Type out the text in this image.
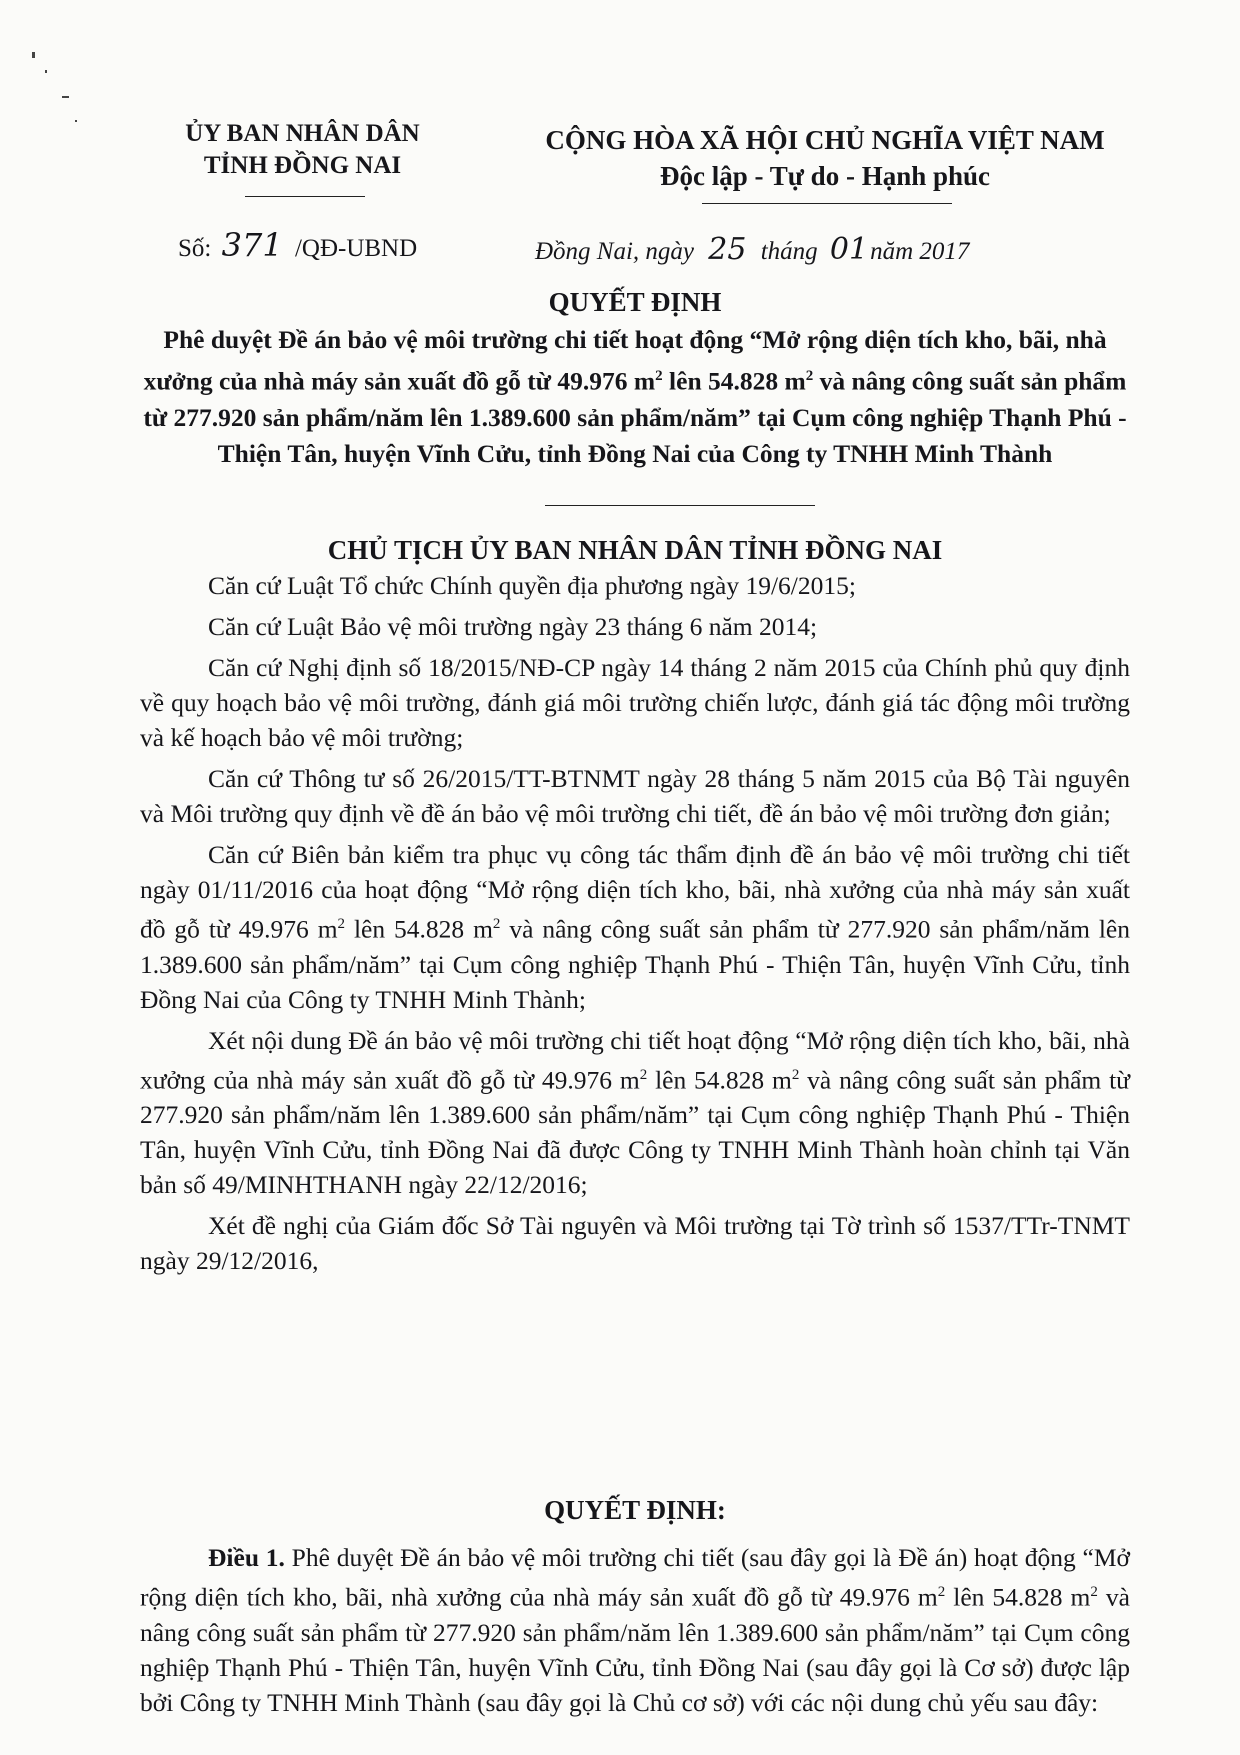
ỦY BAN NHÂN DÂN
TỈNH ĐỒNG NAI
CỘNG HÒA XÃ HỘI CHỦ NGHĨA VIỆT NAM
Độc lập - Tự do - Hạnh phúc
Số: 371 /QĐ-UBND	Đồng Nai, ngày 25 tháng 01năm 2017
QUYẾT ĐỊNH
Phê duyệt Đề án bảo vệ môi trường chi tiết hoạt động “Mở rộng diện tích kho, bãi, nhà xưởng của nhà máy sản xuất đồ gỗ từ 49.976 $m^2$ lên 54.828 $m^2$ và nâng công suất sản phẩm từ 277.920 sản phẩm/năm lên 1.389.600 sản phẩm/năm” tại Cụm công nghiệp Thạnh Phú - Thiện Tân, huyện Vĩnh Cửu, tỉnh Đồng Nai của Công ty TNHH Minh Thành
CHỦ TỊCH ỦY BAN NHÂN DÂN TỈNH ĐỒNG NAI

Căn cứ Luật Tổ chức Chính quyền địa phương ngày 19/6/2015;

Căn cứ Luật Bảo vệ môi trường ngày 23 tháng 6 năm 2014;

Căn cứ Nghị định số 18/2015/NĐ-CP ngày 14 tháng 2 năm 2015 của Chính phủ quy định về quy hoạch bảo vệ môi trường, đánh giá môi trường chiến lược, đánh giá tác động môi trường và kế hoạch bảo vệ môi trường;

Căn cứ Thông tư số 26/2015/TT-BTNMT ngày 28 tháng 5 năm 2015 của Bộ Tài nguyên và Môi trường quy định về đề án bảo vệ môi trường chi tiết, đề án bảo vệ môi trường đơn giản;

Căn cứ Biên bản kiểm tra phục vụ công tác thẩm định đề án bảo vệ môi trường chi tiết ngày 01/11/2016 của hoạt động “Mở rộng diện tích kho, bãi, nhà xưởng của nhà máy sản xuất đồ gỗ từ 49.976 $m^2$ lên 54.828 $m^2$ và nâng công suất sản phẩm từ 277.920 sản phẩm/năm lên 1.389.600 sản phẩm/năm” tại Cụm công nghiệp Thạnh Phú - Thiện Tân, huyện Vĩnh Cửu, tỉnh Đồng Nai của Công ty TNHH Minh Thành;

Xét nội dung Đề án bảo vệ môi trường chi tiết hoạt động “Mở rộng diện tích kho, bãi, nhà xưởng của nhà máy sản xuất đồ gỗ từ 49.976 $m^2$ lên 54.828 $m^2$ và nâng công suất sản phẩm từ 277.920 sản phẩm/năm lên 1.389.600 sản phẩm/năm” tại Cụm công nghiệp Thạnh Phú - Thiện Tân, huyện Vĩnh Cửu, tỉnh Đồng Nai đã được Công ty TNHH Minh Thành hoàn chỉnh tại Văn bản số 49/MINHTHANH ngày 22/12/2016;

Xét đề nghị của Giám đốc Sở Tài nguyên và Môi trường tại Tờ trình số 1537/TTr-TNMT ngày 29/12/2016,

QUYẾT ĐỊNH:

Điều 1. Phê duyệt Đề án bảo vệ môi trường chi tiết (sau đây gọi là Đề án) hoạt động “Mở rộng diện tích kho, bãi, nhà xưởng của nhà máy sản xuất đồ gỗ từ 49.976 $m^2$ lên 54.828 $m^2$ và nâng công suất sản phẩm từ 277.920 sản phẩm/năm lên 1.389.600 sản phẩm/năm” tại Cụm công nghiệp Thạnh Phú - Thiện Tân, huyện Vĩnh Cửu, tỉnh Đồng Nai (sau đây gọi là Cơ sở) được lập bởi Công ty TNHH Minh Thành (sau đây gọi là Chủ cơ sở) với các nội dung chủ yếu sau đây:
